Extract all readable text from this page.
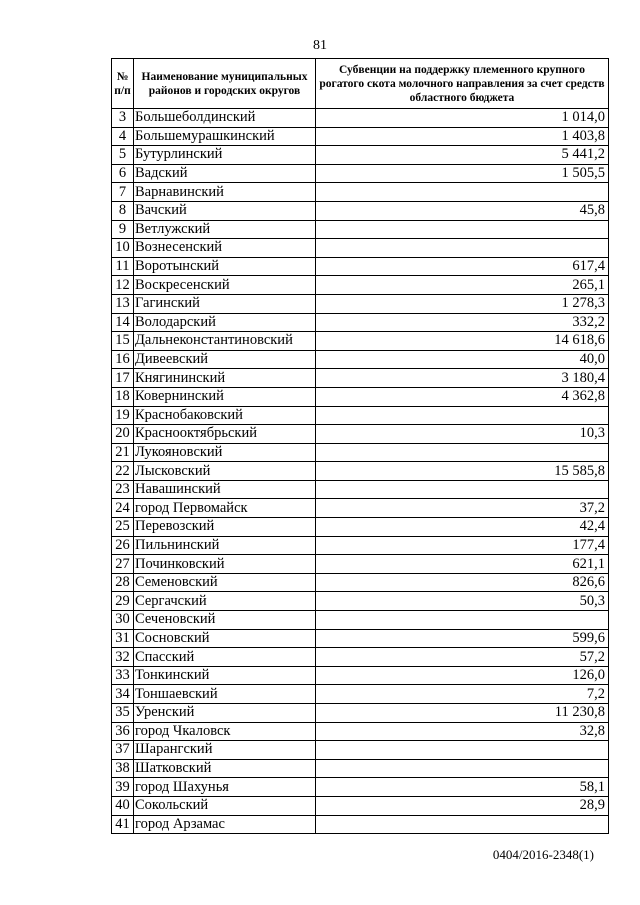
81
№ п/п	Наименование муниципальных районов и городских округов	Субвенции на поддержку племенного крупного рогатого скота молочного направления за счет средств областного бюджета
3	Большеболдинский	1 014,0
4	Большемурашкинский	1 403,8
5	Бутурлинский	5 441,2
6	Вадский	1 505,5
7	Варнавинский	
8	Вачский	45,8
9	Ветлужский	
10	Вознесенский	
11	Воротынский	617,4
12	Воскресенский	265,1
13	Гагинский	1 278,3
14	Володарский	332,2
15	Дальнеконстантиновский	14 618,6
16	Дивеевский	40,0
17	Княгининский	3 180,4
18	Ковернинский	4 362,8
19	Краснобаковский	
20	Краснооктябрьский	10,3
21	Лукояновский	
22	Лысковский	15 585,8
23	Навашинский	
24	город Первомайск	37,2
25	Перевозский	42,4
26	Пильнинский	177,4
27	Починковский	621,1
28	Семеновский	826,6
29	Сергачский	50,3
30	Сеченовский	
31	Сосновский	599,6
32	Спасский	57,2
33	Тонкинский	126,0
34	Тоншаевский	7,2
35	Уренский	11 230,8
36	город Чкаловск	32,8
37	Шарангский	
38	Шатковский	
39	город Шахунья	58,1
40	Сокольский	28,9
41	город Арзамас	
0404/2016-2348(1)
